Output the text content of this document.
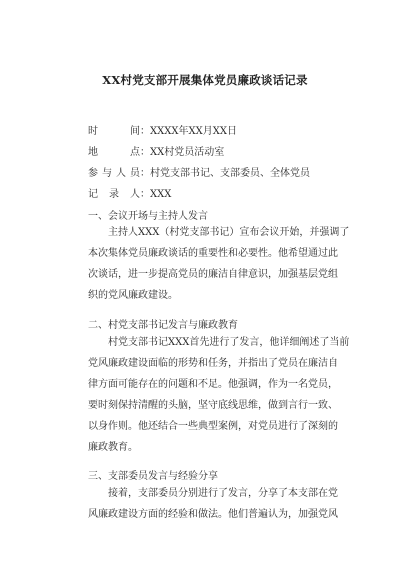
XX村党支部开展集体党员廉政谈话记录
时 间：XXXX年XX月XX日
地 点：XX村党员活动室
参与人员：村党支部书记、支部委员、全体党员
记 录 人：XXX
一、会议开场与主持人发言
主持人XXX（村党支部书记）宣布会议开始，并强调了
本次集体党员廉政谈话的重要性和必要性。他希望通过此
次谈话，进一步提高党员的廉洁自律意识，加强基层党组
织的党风廉政建设。
二、村党支部书记发言与廉政教育
村党支部书记XXX首先进行了发言，他详细阐述了当前
党风廉政建设面临的形势和任务，并指出了党员在廉洁自
律方面可能存在的问题和不足。他强调，作为一名党员，
要时刻保持清醒的头脑，坚守底线思维，做到言行一致、
以身作则。他还结合一些典型案例，对党员进行了深刻的
廉政教育。
三、支部委员发言与经验分享
接着，支部委员分别进行了发言，分享了本支部在党
风廉政建设方面的经验和做法。他们普遍认为，加强党风
